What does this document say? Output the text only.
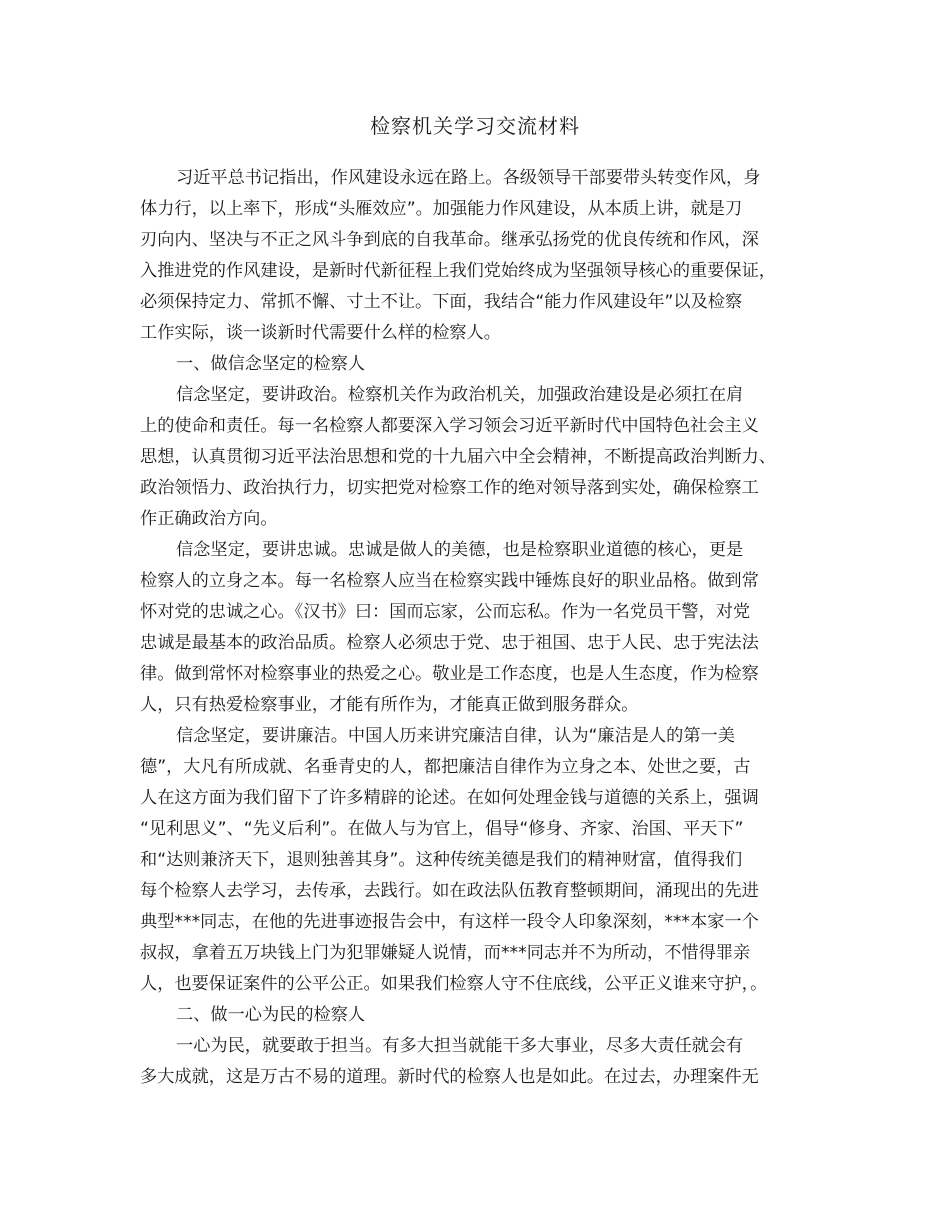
检察机关学习交流材料
习近平总书记指出，作风建设永远在路上。各级领导干部要带头转变作风，身
体力行，以上率下，形成“头雁效应”。加强能力作风建设，从本质上讲，就是刀
刃向内、坚决与不正之风斗争到底的自我革命。继承弘扬党的优良传统和作风，深
入推进党的作风建设，是新时代新征程上我们党始终成为坚强领导核心的重要保证，
必须保持定力、常抓不懈、寸土不让。下面，我结合“能力作风建设年”以及检察
工作实际，谈一谈新时代需要什么样的检察人。
一、做信念坚定的检察人
信念坚定，要讲政治。检察机关作为政治机关，加强政治建设是必须扛在肩
上的使命和责任。每一名检察人都要深入学习领会习近平新时代中国特色社会主义
思想，认真贯彻习近平法治思想和党的十九届六中全会精神，不断提高政治判断力、
政治领悟力、政治执行力，切实把党对检察工作的绝对领导落到实处，确保检察工
作正确政治方向。
信念坚定，要讲忠诚。忠诚是做人的美德，也是检察职业道德的核心，更是
检察人的立身之本。每一名检察人应当在检察实践中锤炼良好的职业品格。做到常
怀对党的忠诚之心。《汉书》曰：国而忘家，公而忘私。作为一名党员干警，对党
忠诚是最基本的政治品质。检察人必须忠于党、忠于祖国、忠于人民、忠于宪法法
律。做到常怀对检察事业的热爱之心。敬业是工作态度，也是人生态度，作为检察
人，只有热爱检察事业，才能有所作为，才能真正做到服务群众。
信念坚定，要讲廉洁。中国人历来讲究廉洁自律，认为“廉洁是人的第一美
德”，大凡有所成就、名垂青史的人，都把廉洁自律作为立身之本、处世之要，古
人在这方面为我们留下了许多精辟的论述。在如何处理金钱与道德的关系上，强调
“见利思义”、“先义后利”。在做人与为官上，倡导“修身、齐家、治国、平天下”
和“达则兼济天下，退则独善其身”。这种传统美德是我们的精神财富，值得我们
每个检察人去学习，去传承，去践行。如在政法队伍教育整顿期间，涌现出的先进
典型***同志，在他的先进事迹报告会中，有这样一段令人印象深刻，***本家一个
叔叔，拿着五万块钱上门为犯罪嫌疑人说情，而***同志并不为所动，不惜得罪亲
人，也要保证案件的公平公正。如果我们检察人守不住底线，公平正义谁来守护，。
二、做一心为民的检察人
一心为民，就要敢于担当。有多大担当就能干多大事业，尽多大责任就会有
多大成就，这是万古不易的道理。新时代的检察人也是如此。在过去，办理案件无
